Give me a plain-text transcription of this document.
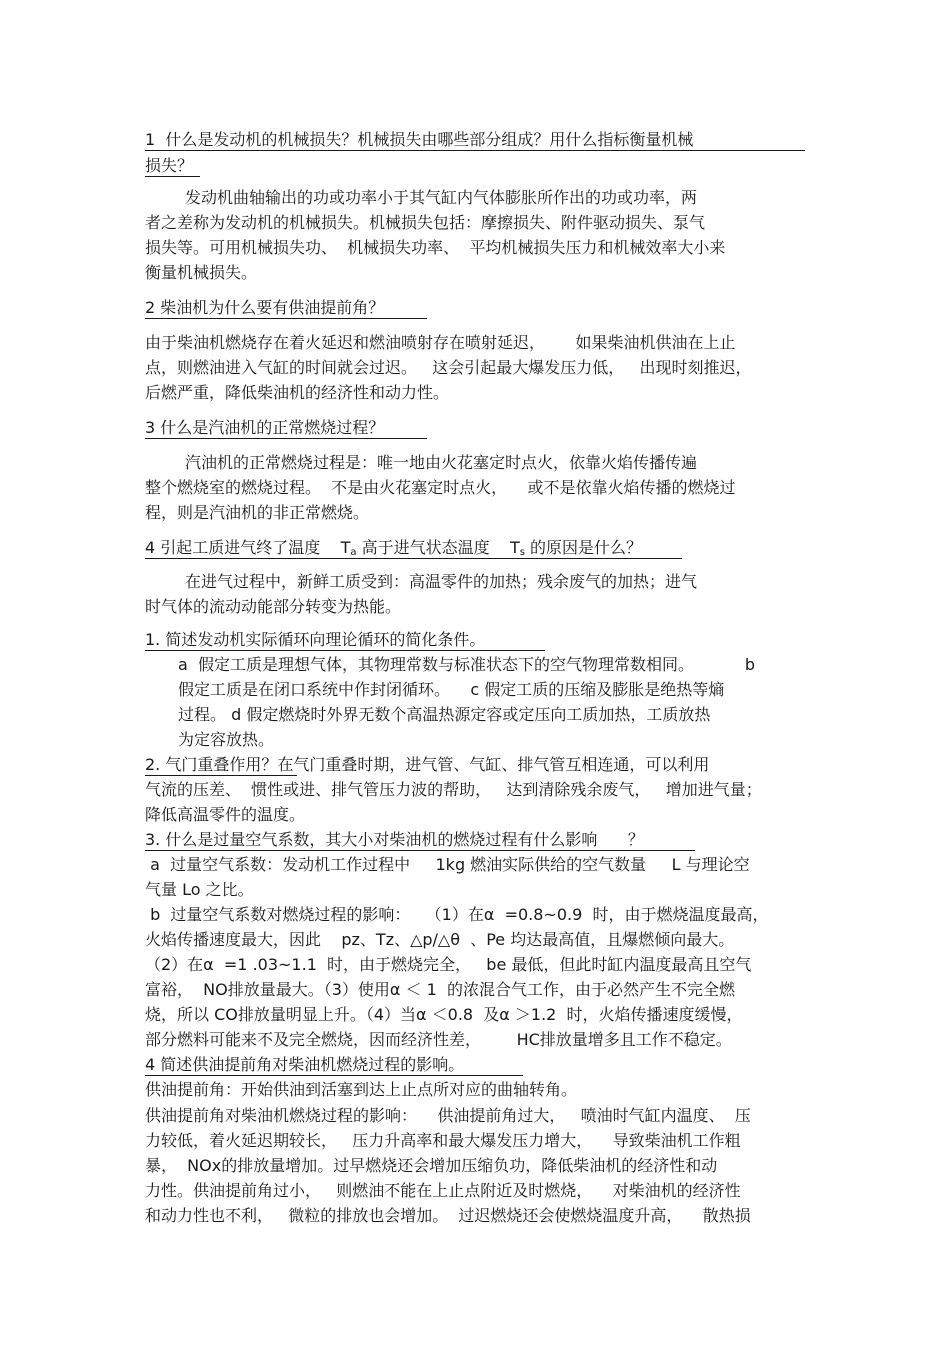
1  什么是发动机的机械损失？机械损失由哪些部分组成？用什么指标衡量机械
损失？
发动机曲轴输出的功或功率小于其气缸内气体膨胀所作出的功或功率，两
者之差称为发动机的机械损失。机械损失包括：摩擦损失、附件驱动损失、泵气
损失等。可用机械损失功、  机械损失功率、  平均机械损失压力和机械效率大小来
衡量机械损失。
2 柴油机为什么要有供油提前角？
由于柴油机燃烧存在着火延迟和燃油喷射存在喷射延迟，      如果柴油机供油在上止
点，则燃油进入气缸的时间就会过迟。   这会引起最大爆发压力低，   出现时刻推迟，
后燃严重，降低柴油机的经济性和动力性。
3 什么是汽油机的正常燃烧过程？
汽油机的正常燃烧过程是：唯一地由火花塞定时点火，依靠火焰传播传遍
整个燃烧室的燃烧过程。  不是由火花塞定时点火，    或不是依靠火焰传播的燃烧过
程，则是汽油机的非正常燃烧。
4 引起工质进气终了温度    $T_a$ 高于进气状态温度    $T_s$ 的原因是什么？
在进气过程中，新鲜工质受到：高温零件的加热；残余废气的加热；进气
时气体的流动动能部分转变为热能。
1. 简述发动机实际循环向理论循环的简化条件。
a  假定工质是理想气体，其物理常数与标准状态下的空气物理常数相同。          b
假定工质是在闭口系统中作封闭循环。    c 假定工质的压缩及膨胀是绝热等熵
过程。 d 假定燃烧时外界无数个高温热源定容或定压向工质加热，工质放热
为定容放热。
2. 气门重叠作用？在气门重叠时期，进气管、气缸、排气管互相连通，可以利用
气流的压差、  惯性或进、排气管压力波的帮助，   达到清除残余废气，   增加进气量；
降低高温零件的温度。
3. 什么是过量空气系数，其大小对柴油机的燃烧过程有什么影响      ？
a  过量空气系数：发动机工作过程中     1kg 燃油实际供给的空气数量     L 与理论空
气量 Lo 之比。
b  过量空气系数对燃烧过程的影响：   （1）在α  =0.8~0.9  时，由于燃烧温度最高，
火焰传播速度最大，因此    pz、Tz、△p/△θ  、Pe 均达最高值，且爆燃倾向最大。
（2）在α  =1 .03~1.1  时，由于燃烧完全，   be 最低，但此时缸内温度最高且空气
富裕，  NO排放量最大。（3）使用α ＜ 1  的浓混合气工作，由于必然产生不完全燃
烧，所以 CO排放量明显上升。（4）当α ＜0.8  及α ＞1.2  时，火焰传播速度缓慢，
部分燃料可能来不及完全燃烧，因而经济性差，       HC排放量增多且工作不稳定。
4 简述供油提前角对柴油机燃烧过程的影响。
供油提前角：开始供油到活塞到达上止点所对应的曲轴转角。
供油提前角对柴油机燃烧过程的影响：    供油提前角过大，   喷油时气缸内温度、  压
力较低，着火延迟期较长，   压力升高率和最大爆发压力增大，    导致柴油机工作粗
暴，  NOx的排放量增加。过早燃烧还会增加压缩负功，降低柴油机的经济性和动
力性。供油提前角过小，   则燃油不能在上止点附近及时燃烧，    对柴油机的经济性
和动力性也不利，   微粒的排放也会增加。  过迟燃烧还会使燃烧温度升高，    散热损
